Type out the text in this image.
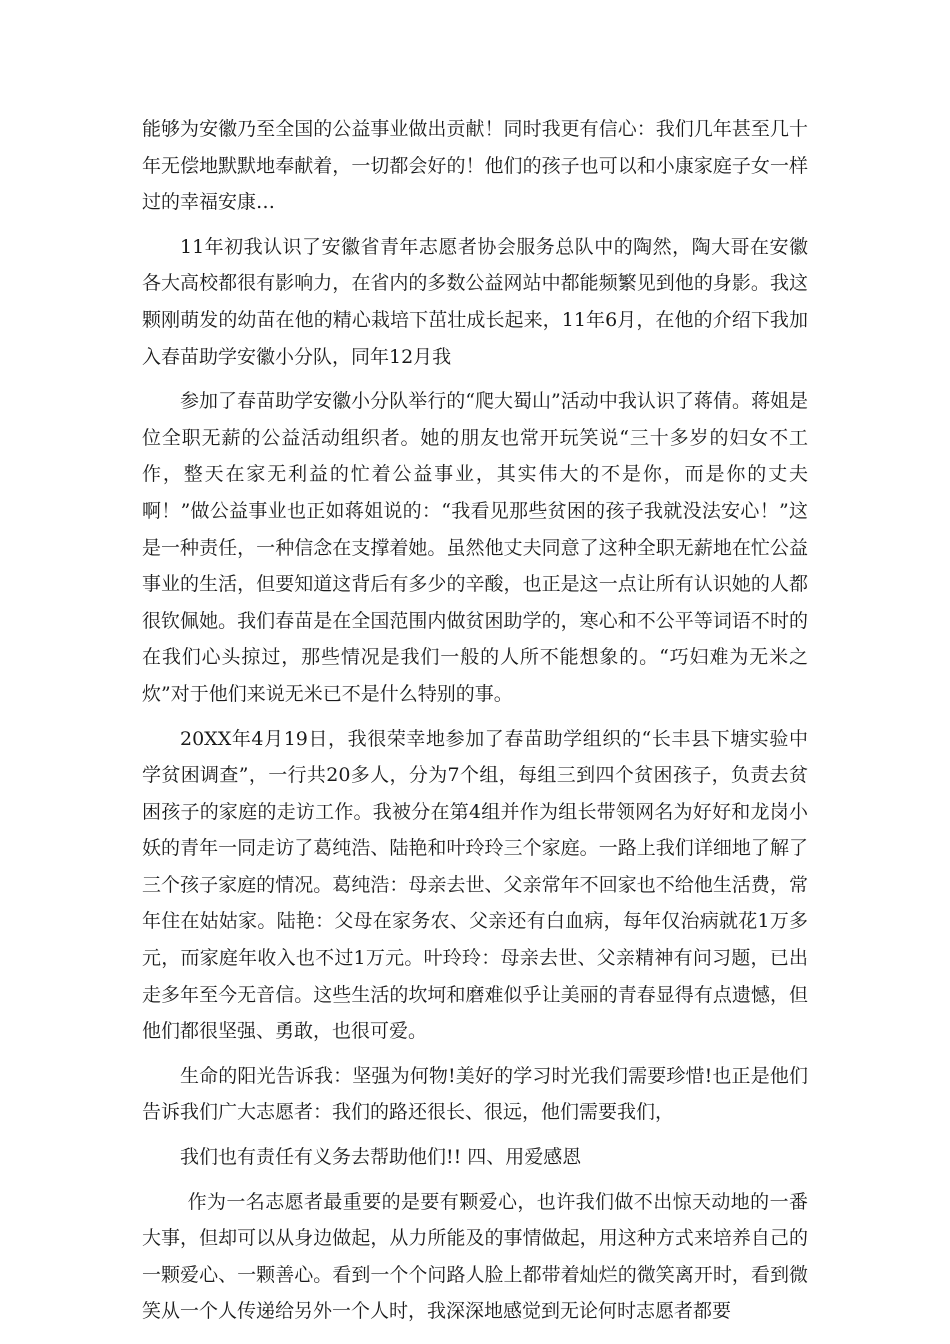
能够为安徽乃至全国的公益事业做出贡献！同时我更有信心：我们几年甚至几十年无偿地默默地奉献着，一切都会好的！他们的孩子也可以和小康家庭子女一样过的幸福安康…

11年初我认识了安徽省青年志愿者协会服务总队中的陶然，陶大哥在安徽各大高校都很有影响力，在省内的多数公益网站中都能频繁见到他的身影。我这颗刚萌发的幼苗在他的精心栽培下茁壮成长起来，11年6月，在他的介绍下我加入春苗助学安徽小分队，同年12月我

参加了春苗助学安徽小分队举行的“爬大蜀山”活动中我认识了蒋倩。蒋姐是位全职无薪的公益活动组织者。她的朋友也常开玩笑说“三十多岁的妇女不工作，整天在家无利益的忙着公益事业，其实伟大的不是你，而是你的丈夫啊！”做公益事业也正如蒋姐说的：“我看见那些贫困的孩子我就没法安心！”这是一种责任，一种信念在支撑着她。虽然他丈夫同意了这种全职无薪地在忙公益事业的生活，但要知道这背后有多少的辛酸，也正是这一点让所有认识她的人都很钦佩她。我们春苗是在全国范围内做贫困助学的，寒心和不公平等词语不时的在我们心头掠过，那些情况是我们一般的人所不能想象的。“巧妇难为无米之炊”对于他们来说无米已不是什么特别的事。

20XX年4月19日，我很荣幸地参加了春苗助学组织的“长丰县下塘实验中学贫困调查”，一行共20多人，分为7个组，每组三到四个贫困孩子，负责去贫困孩子的家庭的走访工作。我被分在第4组并作为组长带领网名为好好和龙岗小妖的青年一同走访了葛纯浩、陆艳和叶玲玲三个家庭。一路上我们详细地了解了三个孩子家庭的情况。葛纯浩：母亲去世、父亲常年不回家也不给他生活费，常年住在姑姑家。陆艳：父母在家务农、父亲还有白血病，每年仅治病就花1万多元，而家庭年收入也不过1万元。叶玲玲：母亲去世、父亲精神有问习题，已出走多年至今无音信。这些生活的坎坷和磨难似乎让美丽的青春显得有点遗憾，但他们都很坚强、勇敢，也很可爱。

生命的阳光告诉我：坚强为何物!美好的学习时光我们需要珍惜!也正是他们告诉我们广大志愿者：我们的路还很长、很远，他们需要我们，

我们也有责任有义务去帮助他们!! 四、用爱感恩

作为一名志愿者最重要的是要有颗爱心，也许我们做不出惊天动地的一番大事，但却可以从身边做起，从力所能及的事情做起，用这种方式来培养自己的一颗爱心、一颗善心。看到一个个问路人脸上都带着灿烂的微笑离开时，看到微笑从一个人传递给另外一个人时，我深深地感觉到无论何时志愿者都要
